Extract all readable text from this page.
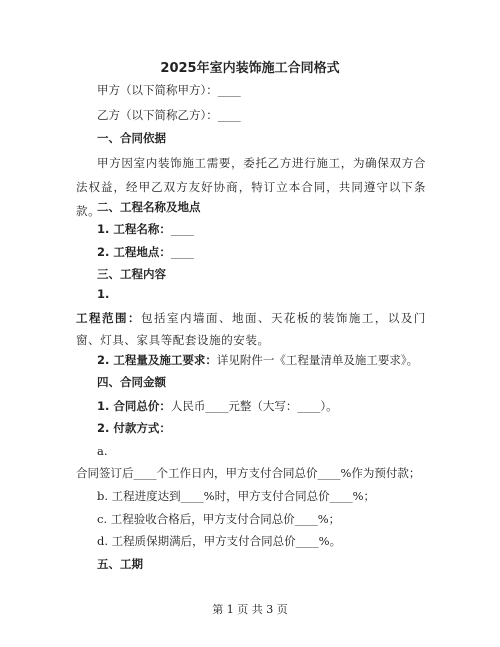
2025年室内装饰施工合同格式
甲方（以下简称甲方）：____
乙方（以下简称乙方）：____
一、合同依据
甲方因室内装饰施工需要，委托乙方进行施工，为确保双方合法权益，经甲乙双方友好协商，特订立本合同，共同遵守以下条款。
二、工程名称及地点
1. 工程名称：____
2. 工程地点：____
三、工程内容
1.
工程范围：包括室内墙面、地面、天花板的装饰施工，以及门窗、灯具、家具等配套设施的安装。
2. 工程量及施工要求：详见附件一《工程量清单及施工要求》。
四、合同金额
1. 合同总价：人民币____元整（大写：____）。
2. 付款方式：
a.
合同签订后____个工作日内，甲方支付合同总价____%作为预付款；
b. 工程进度达到____%时，甲方支付合同总价____%；
c. 工程验收合格后，甲方支付合同总价____%；
d. 工程质保期满后，甲方支付合同总价____%。
五、工期
第 1 页 共 3 页
